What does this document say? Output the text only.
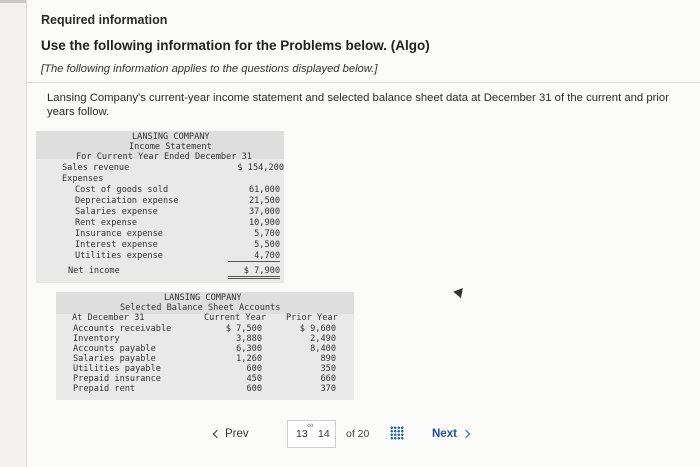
Required information
Use the following information for the Problems below. (Algo)
[The following information applies to the questions displayed below.]
Lansing Company's current-year income statement and selected balance sheet data at December 31 of the current and prior years follow.
LANSING COMPANY
Income Statement
For Current Year Ended December 31
Sales revenue	$ 154,200
Expenses
Cost of goods sold	61,000
Depreciation expense	21,500
Salaries expense	37,000
Rent expense	10,900
Insurance expense	5,700
Interest expense	5,500
Utilities expense	4,700
Net income	$ 7,900
LANSING COMPANY
Selected Balance Sheet Accounts
At December 31	Current Year Prior Year
Accounts receivable	$ 7,500	$ 9,600
Inventory	3,880	2,490
Accounts payable	6,300	8,400
Salaries payable	1,260	890
Utilities payable	600	350
Prepaid insurance	450	660
Prepaid rent	600	370
Prev
∞
13 14 of 20	Next
